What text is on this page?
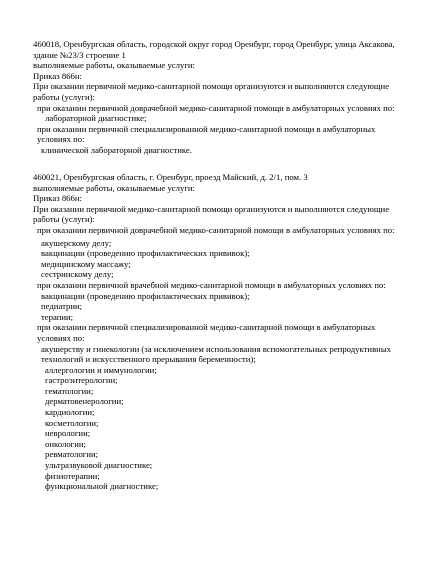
460018, Оренбургская область, городской округ город Оренбург, город Оренбург, улица Аксакова, здание №23/3 строение 1
выполняемые работы, оказываемые услуги:
Приказ 866н:
При оказании первичной медико-санитарной помощи организуются и выполняются следующие работы (услуги):
при оказании первичной доврачебной медико-санитарной помощи в амбулаторных условиях по:
лабораторной диагностике;
при оказании первичной специализированной медико-санитарной помощи в амбулаторных условиях по:
клинической лабораторной диагностике.
460021, Оренбургская область, г. Оренбург, проезд Майский, д. 2/1, пом. 3
выполняемые работы, оказываемые услуги:
Приказ 866н:
При оказании первичной медико-санитарной помощи организуются и выполняются следующие работы (услуги):
при оказании первичной доврачебной медико-санитарной помощи в амбулаторных условиях по:
акушерскому делу;
вакцинации (проведению профилактических прививок);
медицинскому массажу;
сестринскому делу;
при оказании первичной врачебной медико-санитарной помощи в амбулаторных условиях по:
вакцинации (проведению профилактических прививок);
педиатрии;
терапии;
при оказании первичной специализированной медико-санитарной помощи в амбулаторных условиях по:
акушерству и гинекологии (за исключением использования вспомогательных репродуктивных технологий и искусственного прерывания беременности);
аллергологии и иммунологии;
гастроэнтерологии;
гематологии;
дерматовенерологии;
кардиологии;
косметологии;
неврологии;
онкологии;
ревматологии;
ультразвуковой диагностике;
физиотерапии;
функциональной диагностике;
